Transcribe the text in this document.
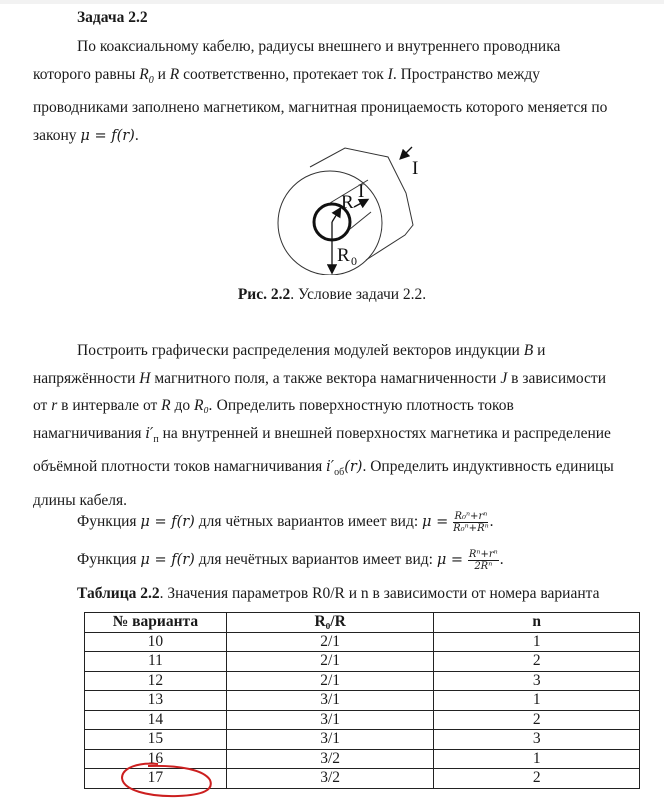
Задача 2.2
По коаксиальному кабелю, радиусы внешнего и внутреннего проводника
которого равны $R_0$ и R соответственно, протекает ток I. Пространство между
проводниками заполнено магнетиком, магнитная проницаемость которого меняется по
закону μ = f(r).
R
I
I
R 0
Рис. 2.2. Условие задачи 2.2.
Построить графически распределения модулей векторов индукции B и
напряжённости H магнитного поля, а также вектора намагниченности J в зависимости
от r в интервале от R до R₀. Определить поверхностную плотность токов
намагничивания $i'_п$ на внутренней и внешней поверхностях магнетика и распределение
объёмной плотности токов намагничивания $i'_{об}(r)$. Определить индуктивность единицы
длины кабеля.
Функция μ = f(r) для чётных вариантов имеет вид: $\mu = \frac{\text{R₀ⁿ+rⁿ}}{\text{R₀ⁿ+Rⁿ}}$ .
Функция μ = f(r) для нечётных вариантов имеет вид: $\mu = \frac{\text{Rⁿ+rⁿ}}{\text{2Rⁿ}}$ .
Таблица 2.2. Значения параметров R0/R и n в зависимости от номера варианта
№ варианта	R₀/R	n
10	2/1	1
11	2/1	2
12	2/1	3
13	3/1	1
14	3/1	2
15	3/1	3
16	3/2	1
17	3/2	2
